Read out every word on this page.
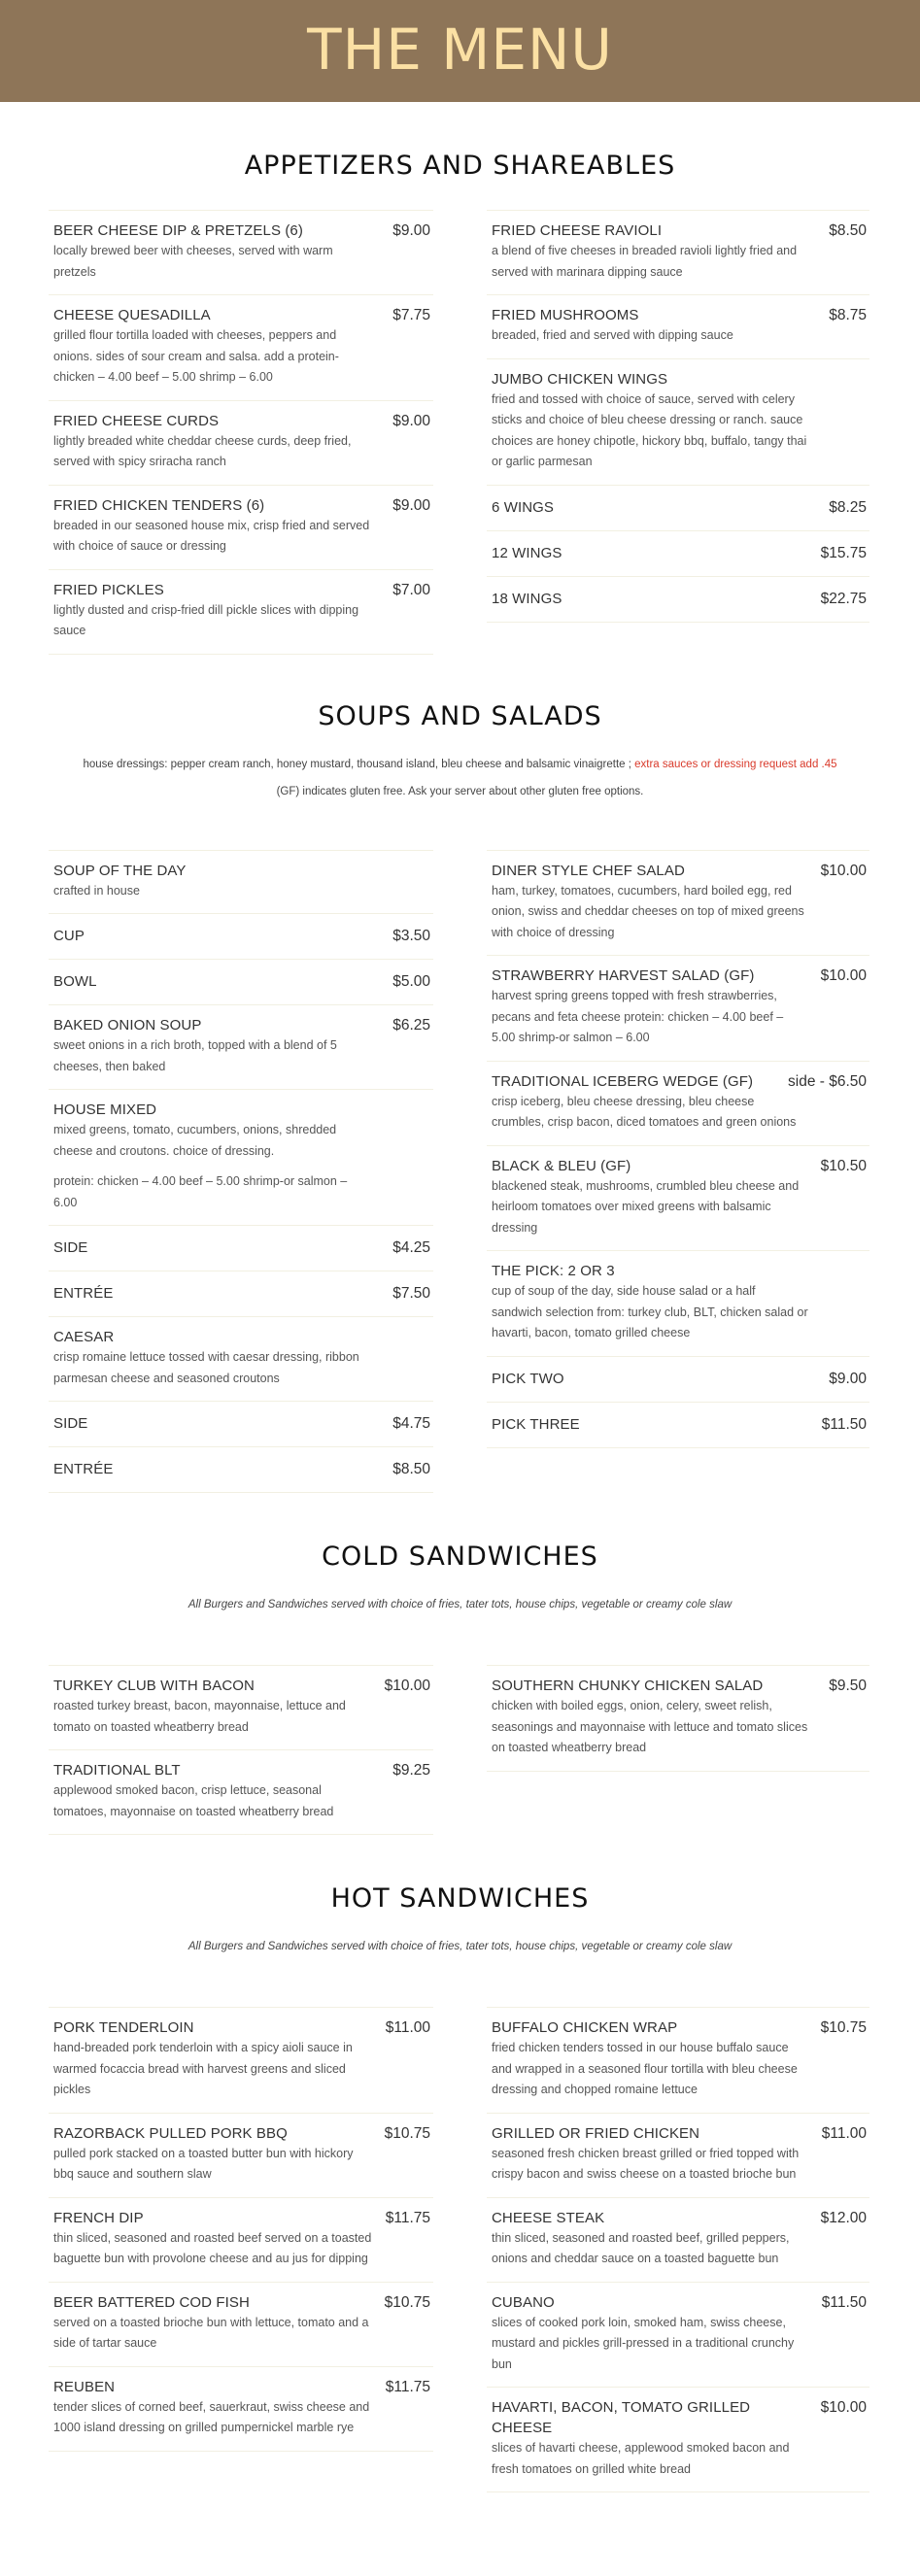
THE MENU
APPETIZERS AND SHAREABLES
BEER CHEESE DIP & PRETZELS (6)	$9.00
locally brewed beer with cheeses, served with warm pretzels
CHEESE QUESADILLA	$7.75
grilled flour tortilla loaded with cheeses, peppers and onions. sides of sour cream and salsa. add a protein- chicken – 4.00 beef – 5.00 shrimp – 6.00
FRIED CHEESE CURDS	$9.00
lightly breaded white cheddar cheese curds, deep fried, served with spicy sriracha ranch
FRIED CHICKEN TENDERS (6)	$9.00
breaded in our seasoned house mix, crisp fried and served with choice of sauce or dressing
FRIED PICKLES	$7.00
lightly dusted and crisp-fried dill pickle slices with dipping sauce
FRIED CHEESE RAVIOLI	$8.50
a blend of five cheeses in breaded ravioli lightly fried and served with marinara dipping sauce
FRIED MUSHROOMS	$8.75
breaded, fried and served with dipping sauce
JUMBO CHICKEN WINGS
fried and tossed with choice of sauce, served with celery sticks and choice of bleu cheese dressing or ranch. sauce choices are honey chipotle, hickory bbq, buffalo, tangy thai or garlic parmesan
6 WINGS	$8.25
12 WINGS	$15.75
18 WINGS	$22.75
SOUPS AND SALADS

house dressings: pepper cream ranch, honey mustard, thousand island, bleu cheese and balsamic vinaigrette ; extra sauces or dressing request add .45

(GF) indicates gluten free. Ask your server about other gluten free options.

SOUP OF THE DAY
crafted in house
CUP	$3.50
BOWL	$5.00
BAKED ONION SOUP	$6.25
sweet onions in a rich broth, topped with a blend of 5 cheeses, then baked
HOUSE MIXED
mixed greens, tomato, cucumbers, onions, shredded cheese and croutons. choice of dressing.
protein: chicken – 4.00 beef – 5.00 shrimp-or salmon – 6.00
SIDE	$4.25
ENTRÉE	$7.50
CAESAR
crisp romaine lettuce tossed with caesar dressing, ribbon parmesan cheese and seasoned croutons
SIDE	$4.75
ENTRÉE	$8.50
DINER STYLE CHEF SALAD	$10.00
ham, turkey, tomatoes, cucumbers, hard boiled egg, red onion, swiss and cheddar cheeses on top of mixed greens with choice of dressing
STRAWBERRY HARVEST SALAD (GF)	$10.00
harvest spring greens topped with fresh strawberries, pecans and feta cheese protein: chicken – 4.00 beef – 5.00 shrimp-or salmon – 6.00
TRADITIONAL ICEBERG WEDGE (GF)	side - $6.50
crisp iceberg, bleu cheese dressing, bleu cheese crumbles, crisp bacon, diced tomatoes and green onions
BLACK & BLEU (GF)	$10.50
blackened steak, mushrooms, crumbled bleu cheese and heirloom tomatoes over mixed greens with balsamic dressing
THE PICK: 2 OR 3
cup of soup of the day, side house salad or a half sandwich selection from: turkey club, BLT, chicken salad or havarti, bacon, tomato grilled cheese
PICK TWO	$9.00
PICK THREE	$11.50
COLD SANDWICHES

All Burgers and Sandwiches served with choice of fries, tater tots, house chips, vegetable or creamy cole slaw

TURKEY CLUB WITH BACON	$10.00
roasted turkey breast, bacon, mayonnaise, lettuce and tomato on toasted wheatberry bread
TRADITIONAL BLT	$9.25
applewood smoked bacon, crisp lettuce, seasonal tomatoes, mayonnaise on toasted wheatberry bread
SOUTHERN CHUNKY CHICKEN SALAD	$9.50
chicken with boiled eggs, onion, celery, sweet relish, seasonings and mayonnaise with lettuce and tomato slices on toasted wheatberry bread
HOT SANDWICHES

All Burgers and Sandwiches served with choice of fries, tater tots, house chips, vegetable or creamy cole slaw

PORK TENDERLOIN	$11.00
hand-breaded pork tenderloin with a spicy aioli sauce in warmed focaccia bread with harvest greens and sliced pickles
RAZORBACK PULLED PORK BBQ	$10.75
pulled pork stacked on a toasted butter bun with hickory bbq sauce and southern slaw
FRENCH DIP	$11.75
thin sliced, seasoned and roasted beef served on a toasted baguette bun with provolone cheese and au jus for dipping
BEER BATTERED COD FISH	$10.75
served on a toasted brioche bun with lettuce, tomato and a side of tartar sauce
REUBEN	$11.75
tender slices of corned beef, sauerkraut, swiss cheese and 1000 island dressing on grilled pumpernickel marble rye
BUFFALO CHICKEN WRAP	$10.75
fried chicken tenders tossed in our house buffalo sauce and wrapped in a seasoned flour tortilla with bleu cheese dressing and chopped romaine lettuce
GRILLED OR FRIED CHICKEN	$11.00
seasoned fresh chicken breast grilled or fried topped with crispy bacon and swiss cheese on a toasted brioche bun
CHEESE STEAK	$12.00
thin sliced, seasoned and roasted beef, grilled peppers, onions and cheddar sauce on a toasted baguette bun
CUBANO	$11.50
slices of cooked pork loin, smoked ham, swiss cheese, mustard and pickles grill-pressed in a traditional crunchy bun
HAVARTI, BACON, TOMATO GRILLED CHEESE
$10.00
slices of havarti cheese, applewood smoked bacon and fresh tomatoes on grilled white bread
